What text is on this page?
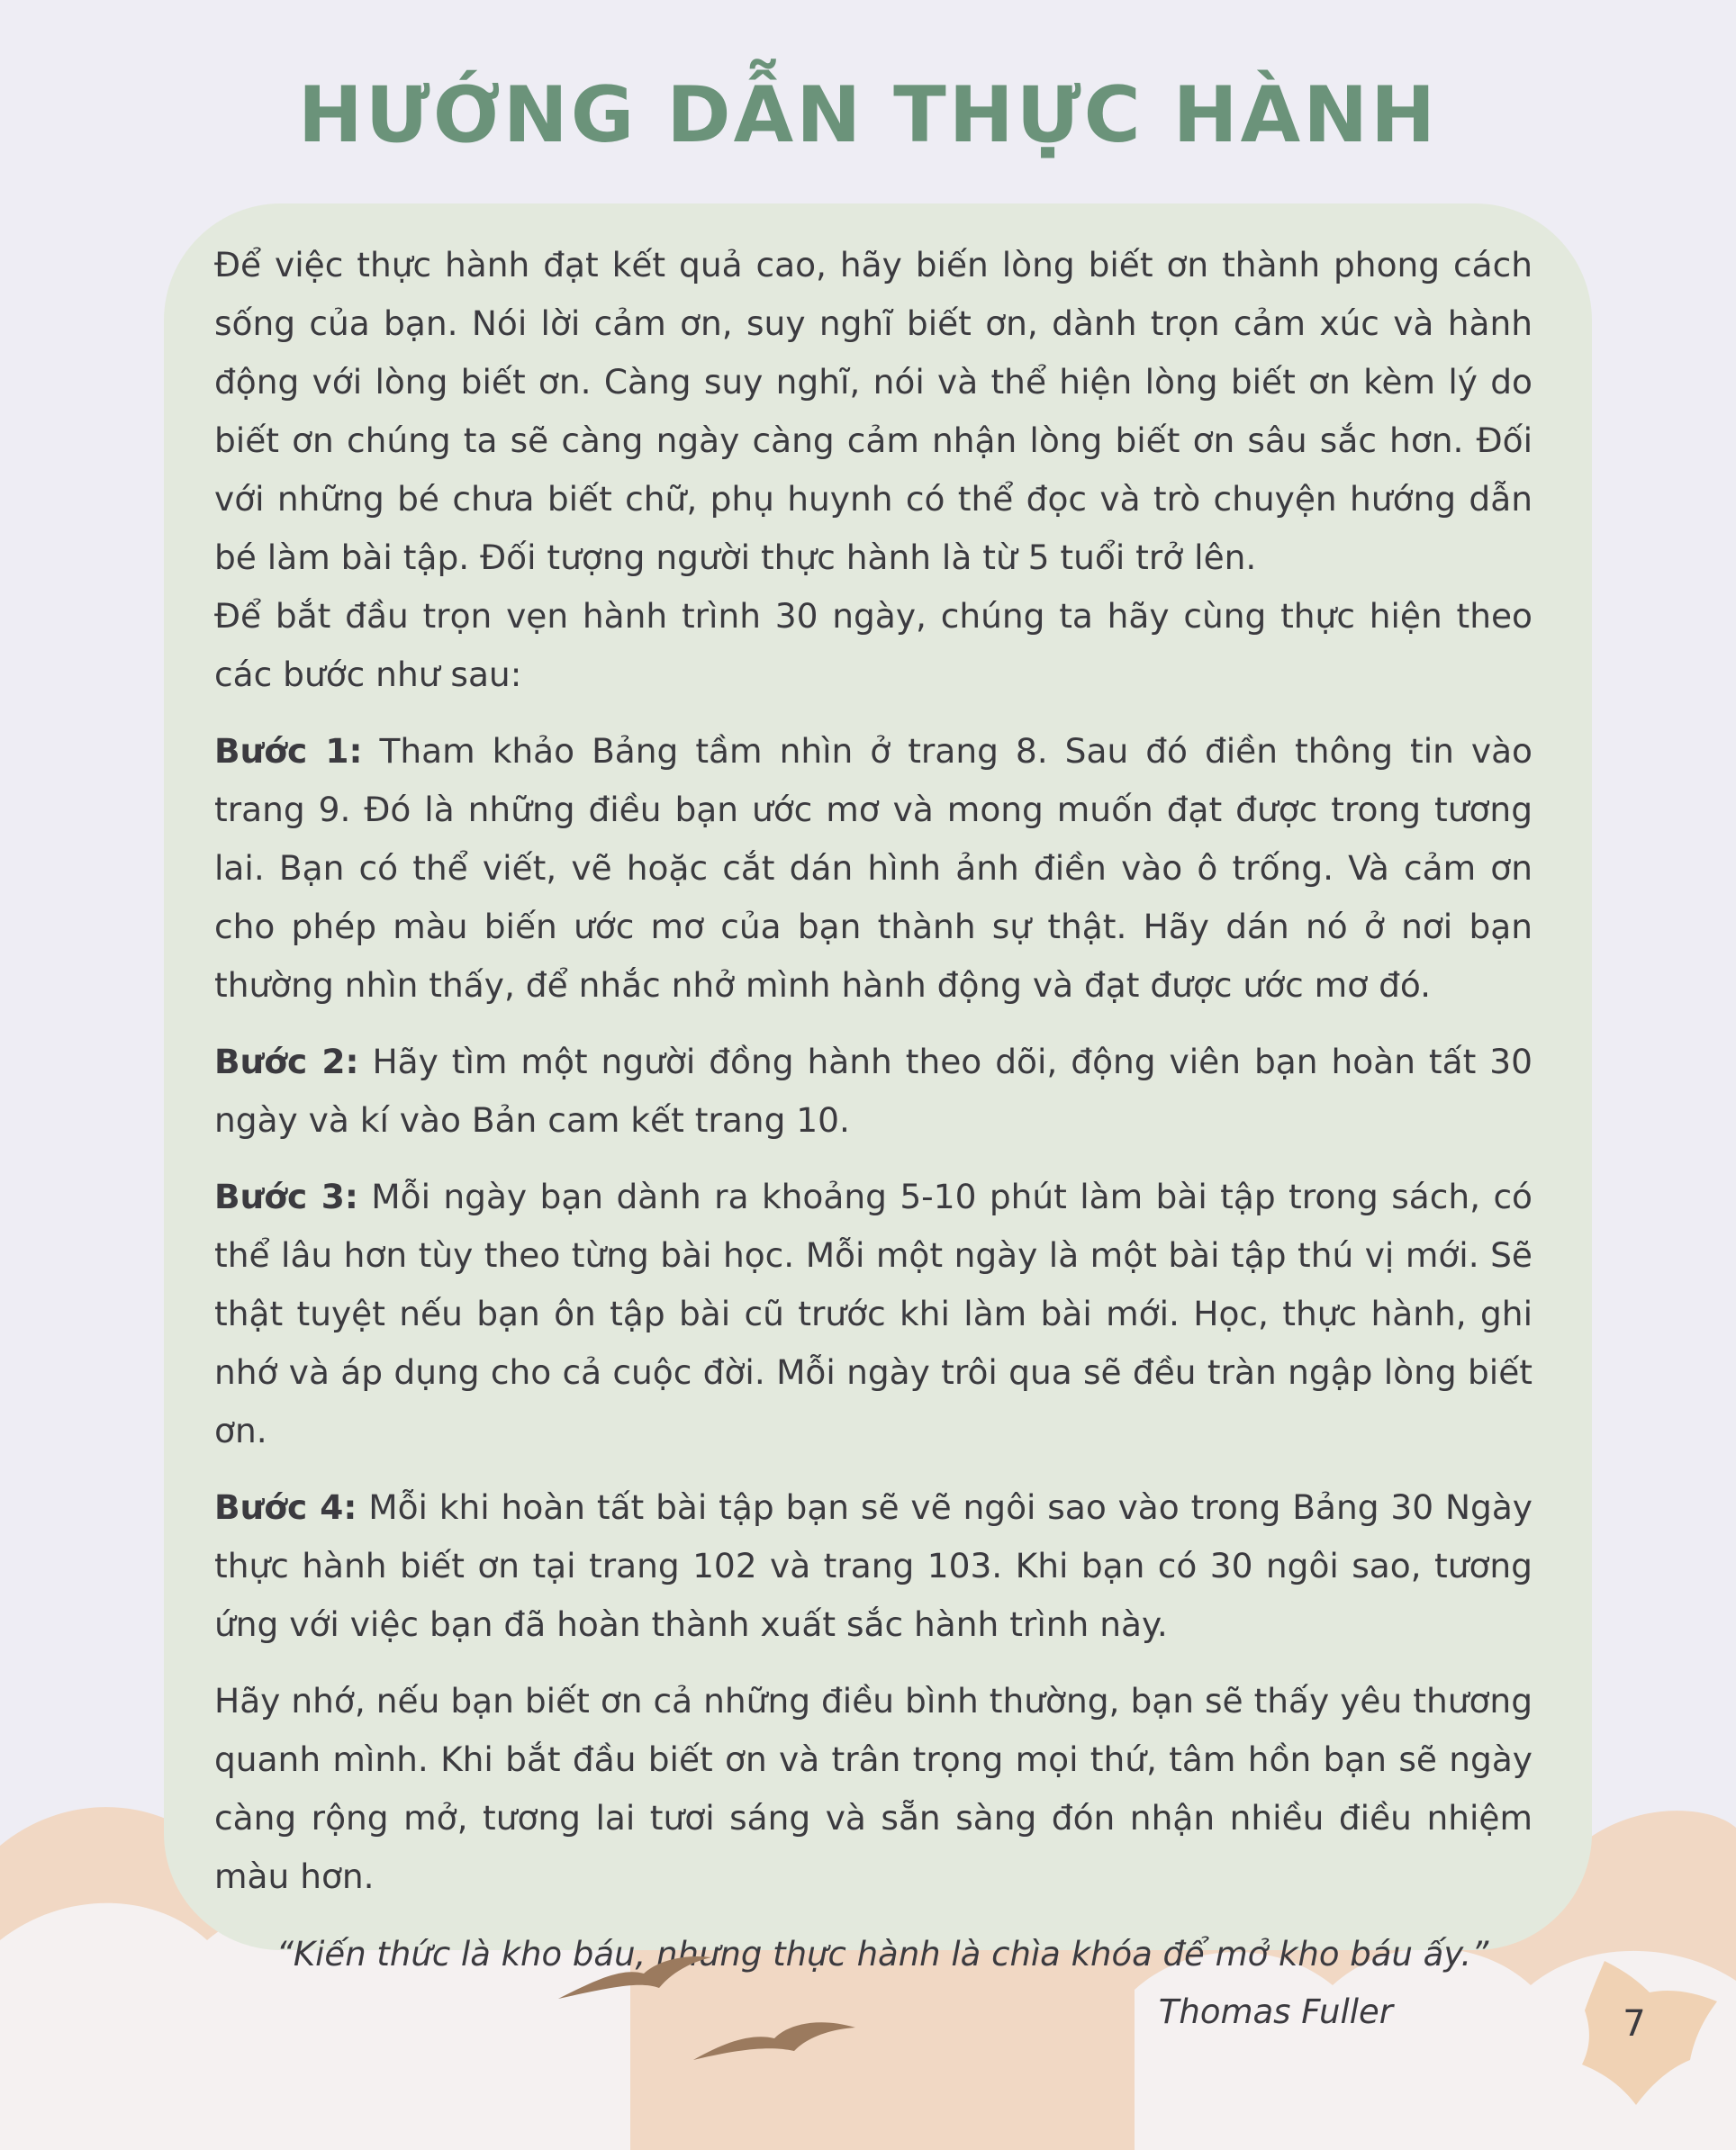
HƯỚNG DẪN THỰC HÀNH

Để việc thực hành đạt kết quả cao, hãy biến lòng biết ơn thành phong cách sống của bạn. Nói lời cảm ơn, suy nghĩ biết ơn, dành trọn cảm xúc và hành động với lòng biết ơn. Càng suy nghĩ, nói và thể hiện lòng biết ơn kèm lý do biết ơn chúng ta sẽ càng ngày càng cảm nhận lòng biết ơn sâu sắc hơn. Đối với những bé chưa biết chữ, phụ huynh có thể đọc và trò chuyện hướng dẫn bé làm bài tập. Đối tượng người thực hành là từ 5 tuổi trở lên.

Để bắt đầu trọn vẹn hành trình 30 ngày, chúng ta hãy cùng thực hiện theo các bước như sau:

Bước 1: Tham khảo Bảng tầm nhìn ở trang 8. Sau đó điền thông tin vào trang 9. Đó là những điều bạn ước mơ và mong muốn đạt được trong tương lai. Bạn có thể viết, vẽ hoặc cắt dán hình ảnh điền vào ô trống. Và cảm ơn cho phép màu biến ước mơ của bạn thành sự thật. Hãy dán nó ở nơi bạn thường nhìn thấy, để nhắc nhở mình hành động và đạt được ước mơ đó.

Bước 2: Hãy tìm một người đồng hành theo dõi, động viên bạn hoàn tất 30 ngày và kí vào Bản cam kết trang 10.

Bước 3: Mỗi ngày bạn dành ra khoảng 5-10 phút làm bài tập trong sách, có thể lâu hơn tùy theo từng bài học. Mỗi một ngày là một bài tập thú vị mới. Sẽ thật tuyệt nếu bạn ôn tập bài cũ trước khi làm bài mới. Học, thực hành, ghi nhớ và áp dụng cho cả cuộc đời. Mỗi ngày trôi qua sẽ đều tràn ngập lòng biết ơn.

Bước 4: Mỗi khi hoàn tất bài tập bạn sẽ vẽ ngôi sao vào trong Bảng 30 Ngày thực hành biết ơn tại trang 102 và trang 103. Khi bạn có 30 ngôi sao, tương ứng với việc bạn đã hoàn thành xuất sắc hành trình này.

Hãy nhớ, nếu bạn biết ơn cả những điều bình thường, bạn sẽ thấy yêu thương quanh mình. Khi bắt đầu biết ơn và trân trọng mọi thứ, tâm hồn bạn sẽ ngày càng rộng mở, tương lai tươi sáng và sẵn sàng đón nhận nhiều điều nhiệm màu hơn.

“Kiến thức là kho báu, nhưng thực hành là chìa khóa để mở kho báu ấy.”

Thomas Fuller	7
